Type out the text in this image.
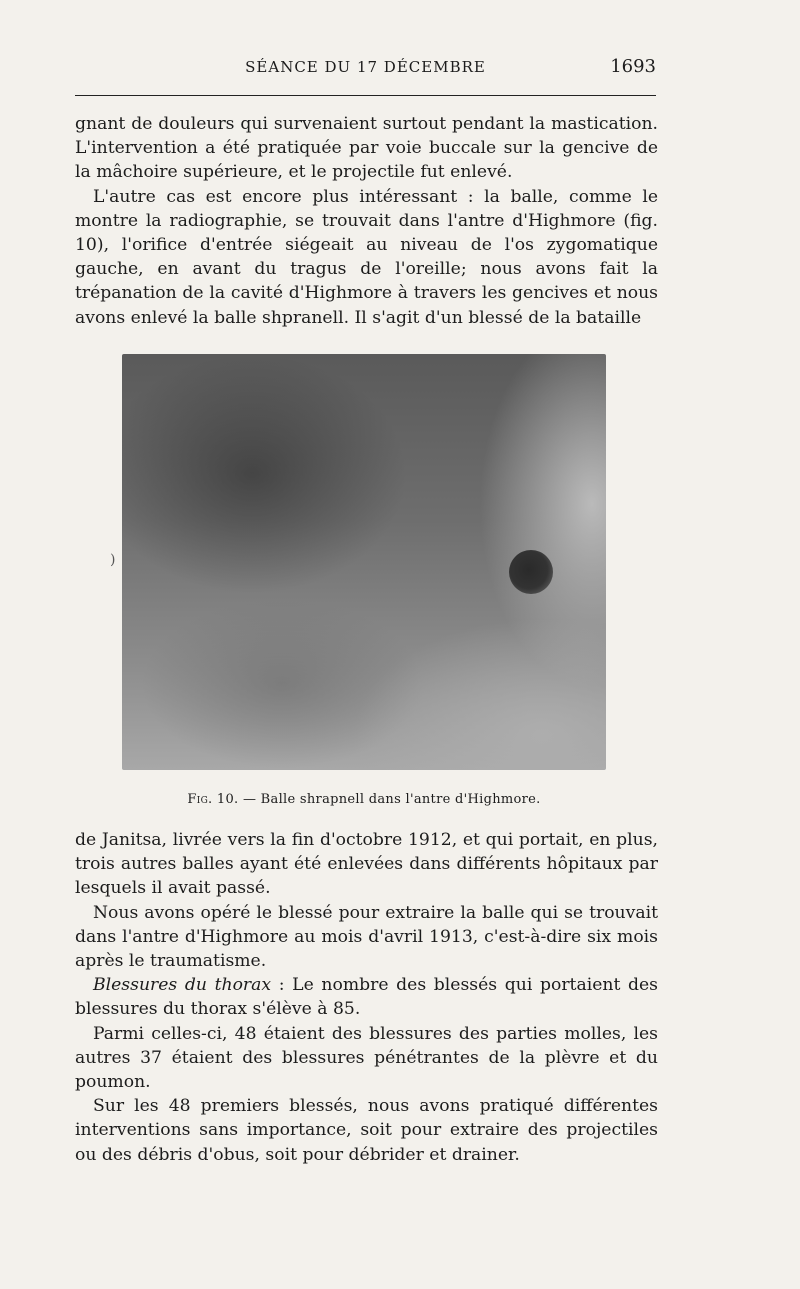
SÉANCE DU 17 DÉCEMBRE	1693

gnant de douleurs qui survenaient surtout pendant la mastication. L'intervention a été pratiquée par voie buccale sur la gencive de la mâchoire supérieure, et le projectile fut enlevé.

L'autre cas est encore plus intéressant : la balle, comme le montre la radiographie, se trouvait dans l'antre d'Highmore (fig. 10), l'orifice d'entrée siégeait au niveau de l'os zygomatique gauche, en avant du tragus de l'oreille; nous avons fait la trépanation de la cavité d'Highmore à travers les gencives et nous avons enlevé la balle shpranell. Il s'agit d'un blessé de la bataille

)
Fig. 10. — Balle shrapnell dans l'antre d'Highmore.

de Janitsa, livrée vers la fin d'octobre 1912, et qui portait, en plus, trois autres balles ayant été enlevées dans différents hôpitaux par lesquels il avait passé.

Nous avons opéré le blessé pour extraire la balle qui se trouvait dans l'antre d'Highmore au mois d'avril 1913, c'est-à-dire six mois après le traumatisme.

Blessures du thorax : Le nombre des blessés qui portaient des blessures du thorax s'élève à 85.

Parmi celles-ci, 48 étaient des blessures des parties molles, les autres 37 étaient des blessures pénétrantes de la plèvre et du poumon.

Sur les 48 premiers blessés, nous avons pratiqué différentes interventions sans importance, soit pour extraire des projectiles ou des débris d'obus, soit pour débrider et drainer.
